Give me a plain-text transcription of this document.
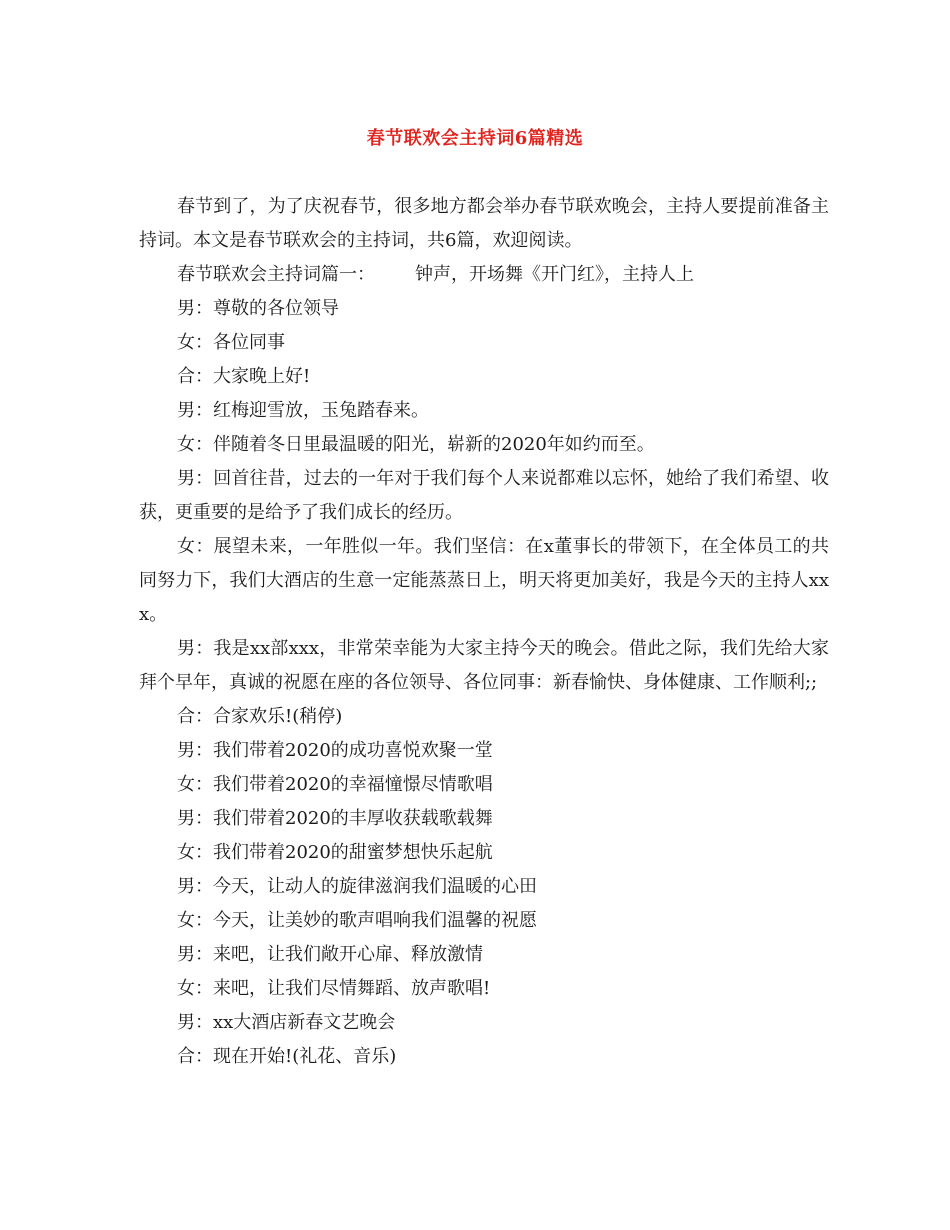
春节联欢会主持词6篇精选

春节到了，为了庆祝春节，很多地方都会举办春节联欢晚会，主持人要提前准备主持词。本文是春节联欢会的主持词，共6篇，欢迎阅读。

春节联欢会主持词篇一： 钟声，开场舞《开门红》，主持人上

男：尊敬的各位领导

女：各位同事

合：大家晚上好!

男：红梅迎雪放，玉兔踏春来。

女：伴随着冬日里最温暖的阳光，崭新的2020年如约而至。

男：回首往昔，过去的一年对于我们每个人来说都难以忘怀，她给了我们希望、收获，更重要的是给予了我们成长的经历。

女：展望未来，一年胜似一年。我们坚信：在x董事长的带领下，在全体员工的共同努力下，我们大酒店的生意一定能蒸蒸日上，明天将更加美好，我是今天的主持人xxx。

男：我是xx部xxx，非常荣幸能为大家主持今天的晚会。借此之际，我们先给大家拜个早年，真诚的祝愿在座的各位领导、各位同事：新春愉快、身体健康、工作顺利;;

合：合家欢乐!(稍停)

男：我们带着2020的成功喜悦欢聚一堂

女：我们带着2020的幸福憧憬尽情歌唱

男：我们带着2020的丰厚收获载歌载舞

女：我们带着2020的甜蜜梦想快乐起航

男：今天，让动人的旋律滋润我们温暖的心田

女：今天，让美妙的歌声唱响我们温馨的祝愿

男：来吧，让我们敞开心扉、释放激情

女：来吧，让我们尽情舞蹈、放声歌唱!

男：xx大酒店新春文艺晚会

合：现在开始!(礼花、音乐)
